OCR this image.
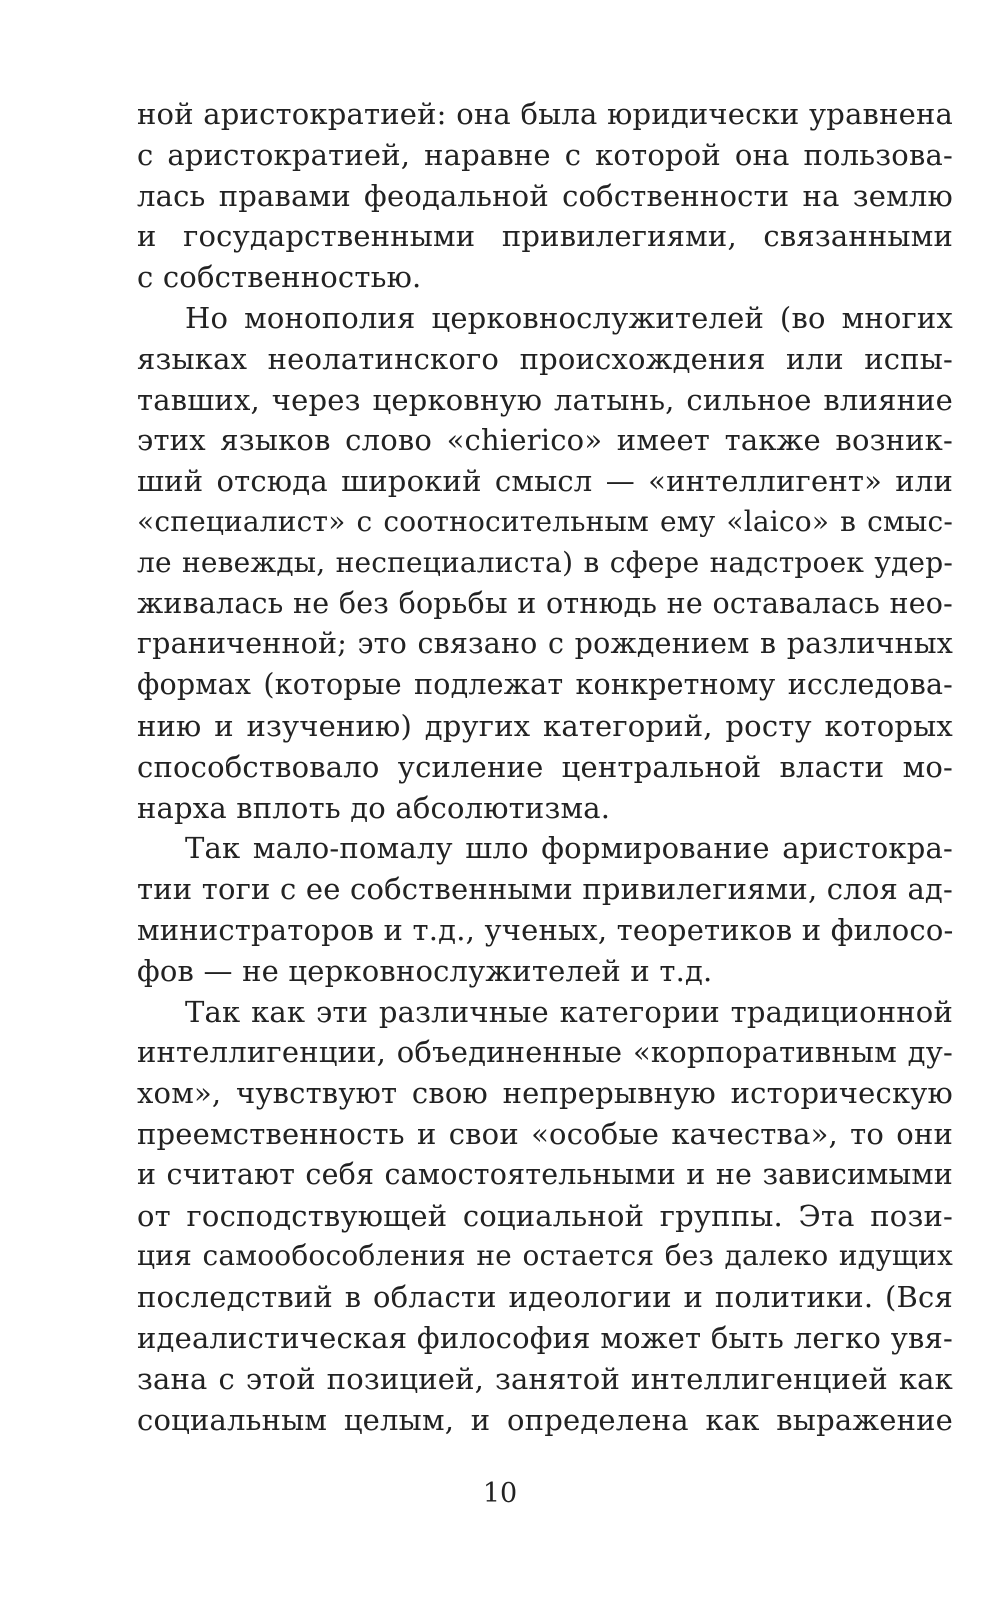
ной аристократией: она была юридически уравнена
с аристократией, наравне с которой она пользова-
лась правами феодальной собственности на землю
и государственными привилегиями, связанными
с собственностью.
Но монополия церковнослужителей (во многих
языках неолатинского происхождения или испы-
тавших, через церковную латынь, сильное влияние
этих языков слово «chierico» имеет также возник-
ший отсюда широкий смысл — «интеллигент» или
«специалист» с соотносительным ему «laico» в смыс-
ле невежды, неспециалиста) в сфере надстроек удер-
живалась не без борьбы и отнюдь не оставалась нео-
граниченной; это связано с рождением в различных
формах (которые подлежат конкретному исследова-
нию и изучению) других категорий, росту которых
способствовало усиление центральной власти мо-
нарха вплоть до абсолютизма.
Так мало-помалу шло формирование аристокра-
тии тоги с ее собственными привилегиями, слоя ад-
министраторов и т.д., ученых, теоретиков и филосо-
фов — не церковнослужителей и т.д.
Так как эти различные категории традиционной
интеллигенции, объединенные «корпоративным ду-
хом», чувствуют свою непрерывную историческую
преемственность и свои «особые качества», то они
и считают себя самостоятельными и не зависимыми
от господствующей социальной группы. Эта пози-
ция самообособления не остается без далеко идущих
последствий в области идеологии и политики. (Вся
идеалистическая философия может быть легко увя-
зана с этой позицией, занятой интеллигенцией как
социальным целым, и определена как выражение
10
